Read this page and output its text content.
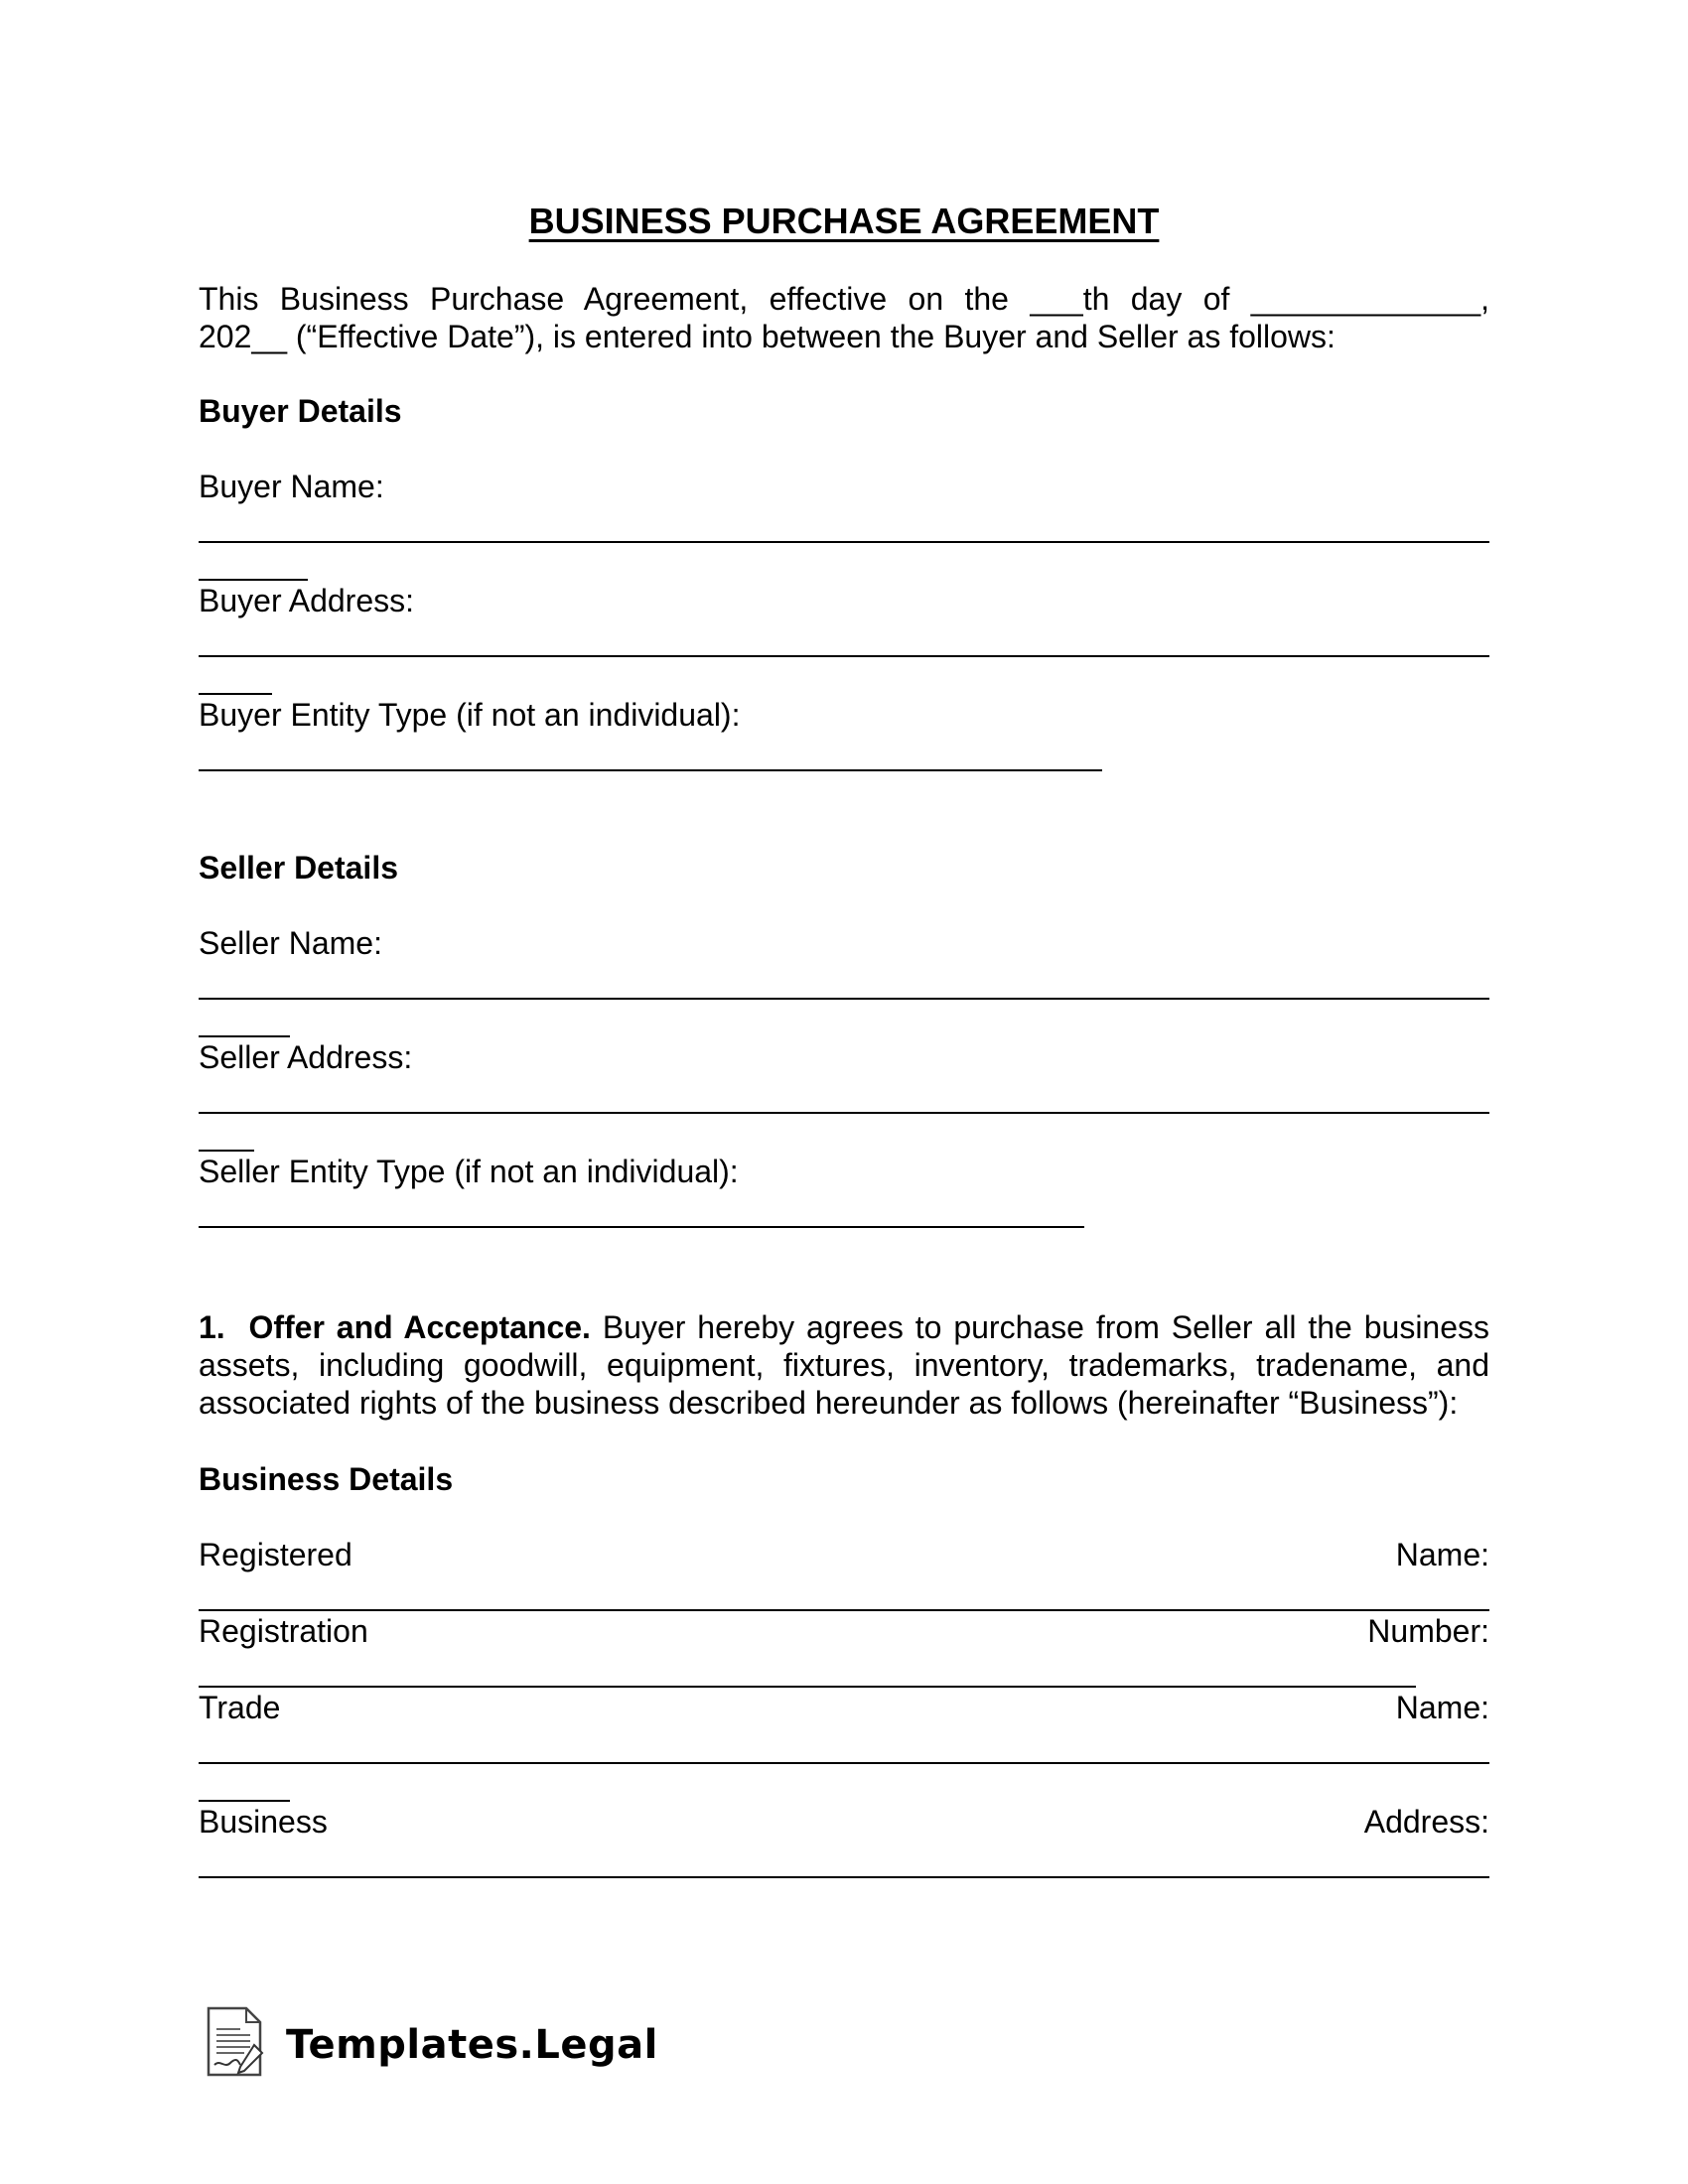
BUSINESS PURCHASE AGREEMENT

This Business Purchase Agreement, effective on the ___th day of _____________,

202__ (“Effective Date”), is entered into between the Buyer and Seller as follows:

Buyer Details

Buyer Name:

Buyer Address:

Buyer Entity Type (if not an individual):

Seller Details

Seller Name:

Seller Address:

Seller Entity Type (if not an individual):

1. Offer and Acceptance. Buyer hereby agrees to purchase from Seller all the business

assets, including goodwill, equipment, fixtures, inventory, trademarks, tradename, and

associated rights of the business described hereunder as follows (hereinafter “Business”):

Business Details

Registered	Name:
Registration	Number:
Trade	Name:
Business	Address:
Templates.Legal
